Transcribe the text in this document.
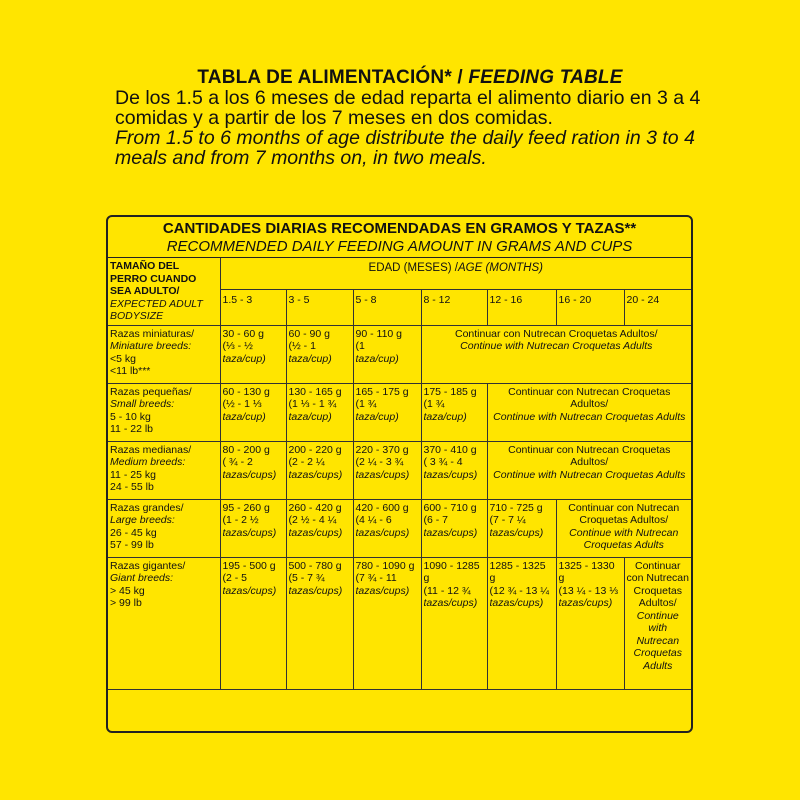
TABLA DE ALIMENTACIÓN* / FEEDING TABLE
De los 1.5 a los 6 meses de edad reparta el alimento diario en 3 a 4 comidas y a partir de los 7 meses en dos comidas.
From 1.5 to 6 months of age distribute the daily feed ration in 3 to 4 meals and from 7 months on, in two meals.
CANTIDADES DIARIAS RECOMENDADAS EN GRAMOS Y TAZAS**
RECOMMENDED DAILY FEEDING AMOUNT IN GRAMS AND CUPS
TAMAÑO DEL PERRO CUANDO SEA ADULTO/
EXPECTED ADULT BODYSIZE	EDAD (MESES) /AGE (MONTHS)						
	1.5 - 3	3 - 5	5 - 8	8 - 12	12 - 16	16 - 20	20 - 24

Razas miniaturas/
Miniature breeds:
<5 kg
<11 lb***	30 - 60 g
(⅓ - ½
taza/cup)	60 - 90 g
(½ - 1
taza/cup)	90 - 110 g
(1
taza/cup)	Continuar con Nutrecan Croquetas Adultos/
Continue with Nutrecan Croquetas Adults			

Razas pequeñas/
Small breeds:
5 - 10 kg
11 - 22 lb	60 - 130 g
(½ - 1 ⅓
taza/cup)	130 - 165 g
(1 ⅓ - 1 ¾
taza/cup)	165 - 175 g
(1 ¾
taza/cup)	175 - 185 g
(1 ¾
taza/cup)	Continuar con Nutrecan Croquetas Adultos/
Continue with Nutrecan Croquetas Adults		

Razas medianas/
Medium breeds:
11 - 25 kg
24 - 55 lb	80 - 200 g
( ¾ - 2
tazas/cups)	200 - 220 g
(2 - 2 ¼
tazas/cups)	220 - 370 g
(2 ¼ - 3 ¾
tazas/cups)	370 - 410 g
( 3 ¾ - 4
tazas/cups)	Continuar con Nutrecan Croquetas Adultos/
Continue with Nutrecan Croquetas Adults		

Razas grandes/
Large breeds:
26 - 45 kg
57 - 99 lb	95 - 260 g
(1 - 2 ½
tazas/cups)	260 - 420 g
(2 ½ - 4 ¼
tazas/cups)	420 - 600 g
(4 ¼ - 6
tazas/cups)	600 - 710 g
(6 - 7
tazas/cups)	710 - 725 g
(7 - 7 ¼
tazas/cups)	Continuar con Nutrecan Croquetas Adultos/
Continue with Nutrecan Croquetas Adults	

Razas gigantes/
Giant breeds:
> 45 kg
> 99 lb	195 - 500 g
(2 - 5
tazas/cups)	500 - 780 g
(5 - 7 ¾
tazas/cups)	780 - 1090 g
(7 ¾ - 11
tazas/cups)	1090 - 1285 g
(11 - 12 ¾
tazas/cups)	1285 - 1325 g
(12 ¾ - 13 ¼
tazas/cups)	1325 - 1330 g
(13 ¼ - 13 ⅓
tazas/cups)	Continuar con Nutrecan Croquetas Adultos/
Continue with Nutrecan Croquetas Adults
